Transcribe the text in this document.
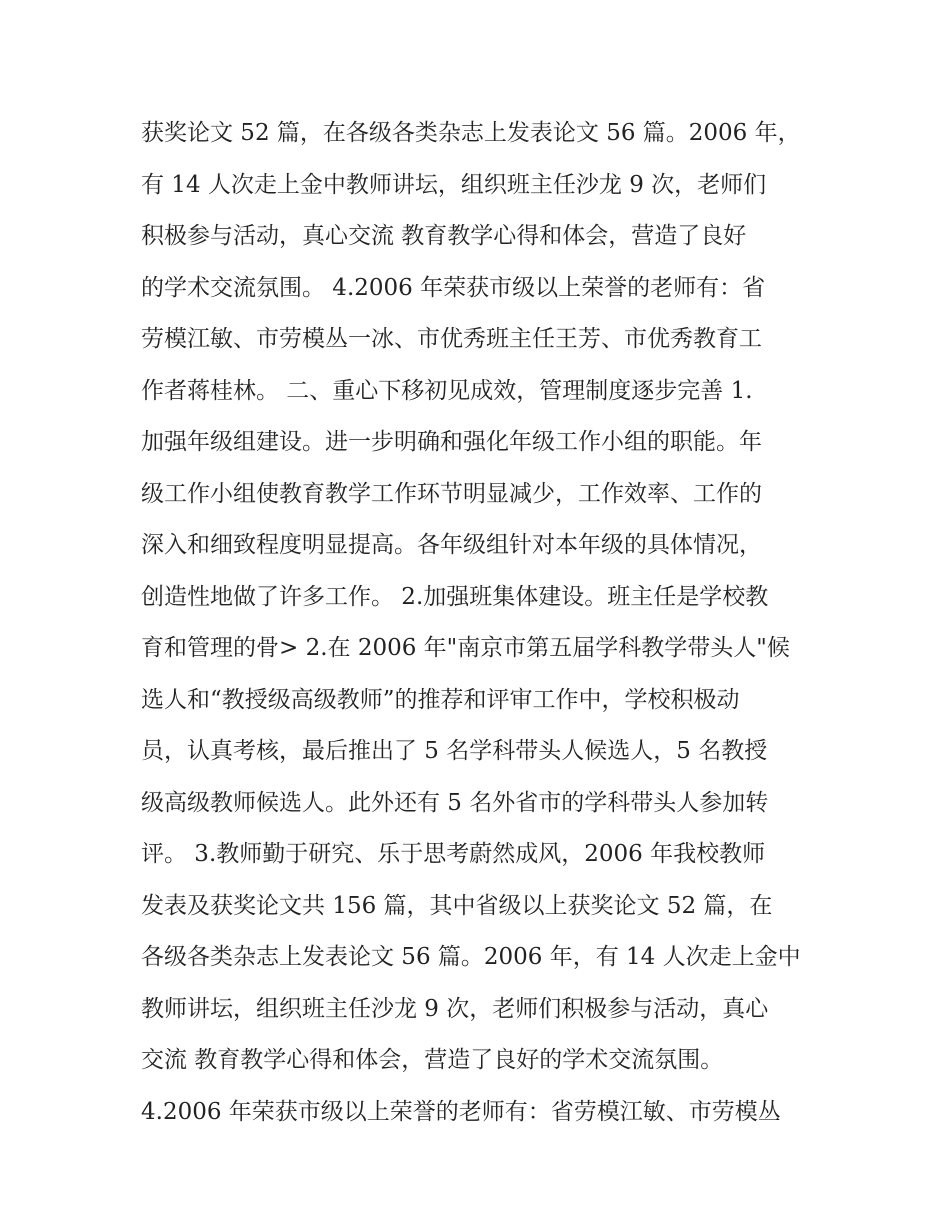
获奖论文 52 篇，在各级各类杂志上发表论文 56 篇。2006 年，
有 14 人次走上金中教师讲坛，组织班主任沙龙 9 次，老师们
积极参与活动，真心交流 教育教学心得和体会，营造了良好
的学术交流氛围。 4.2006 年荣获市级以上荣誉的老师有：省
劳模江敏、市劳模丛一冰、市优秀班主任王芳、市优秀教育工
作者蒋桂林。 二、重心下移初见成效，管理制度逐步完善 1.
加强年级组建设。进一步明确和强化年级工作小组的职能。年
级工作小组使教育教学工作环节明显减少，工作效率、工作的
深入和细致程度明显提高。各年级组针对本年级的具体情况，
创造性地做了许多工作。 2.加强班集体建设。班主任是学校教
育和管理的骨> 2.在 2006 年"南京市第五届学科教学带头人"候
选人和“教授级高级教师”的推荐和评审工作中，学校积极动
员，认真考核，最后推出了 5 名学科带头人候选人，5 名教授
级高级教师候选人。此外还有 5 名外省市的学科带头人参加转
评。 3.教师勤于研究、乐于思考蔚然成风，2006 年我校教师
发表及获奖论文共 156 篇，其中省级以上获奖论文 52 篇，在
各级各类杂志上发表论文 56 篇。2006 年，有 14 人次走上金中
教师讲坛，组织班主任沙龙 9 次，老师们积极参与活动，真心
交流 教育教学心得和体会，营造了良好的学术交流氛围。
4.2006 年荣获市级以上荣誉的老师有：省劳模江敏、市劳模丛
